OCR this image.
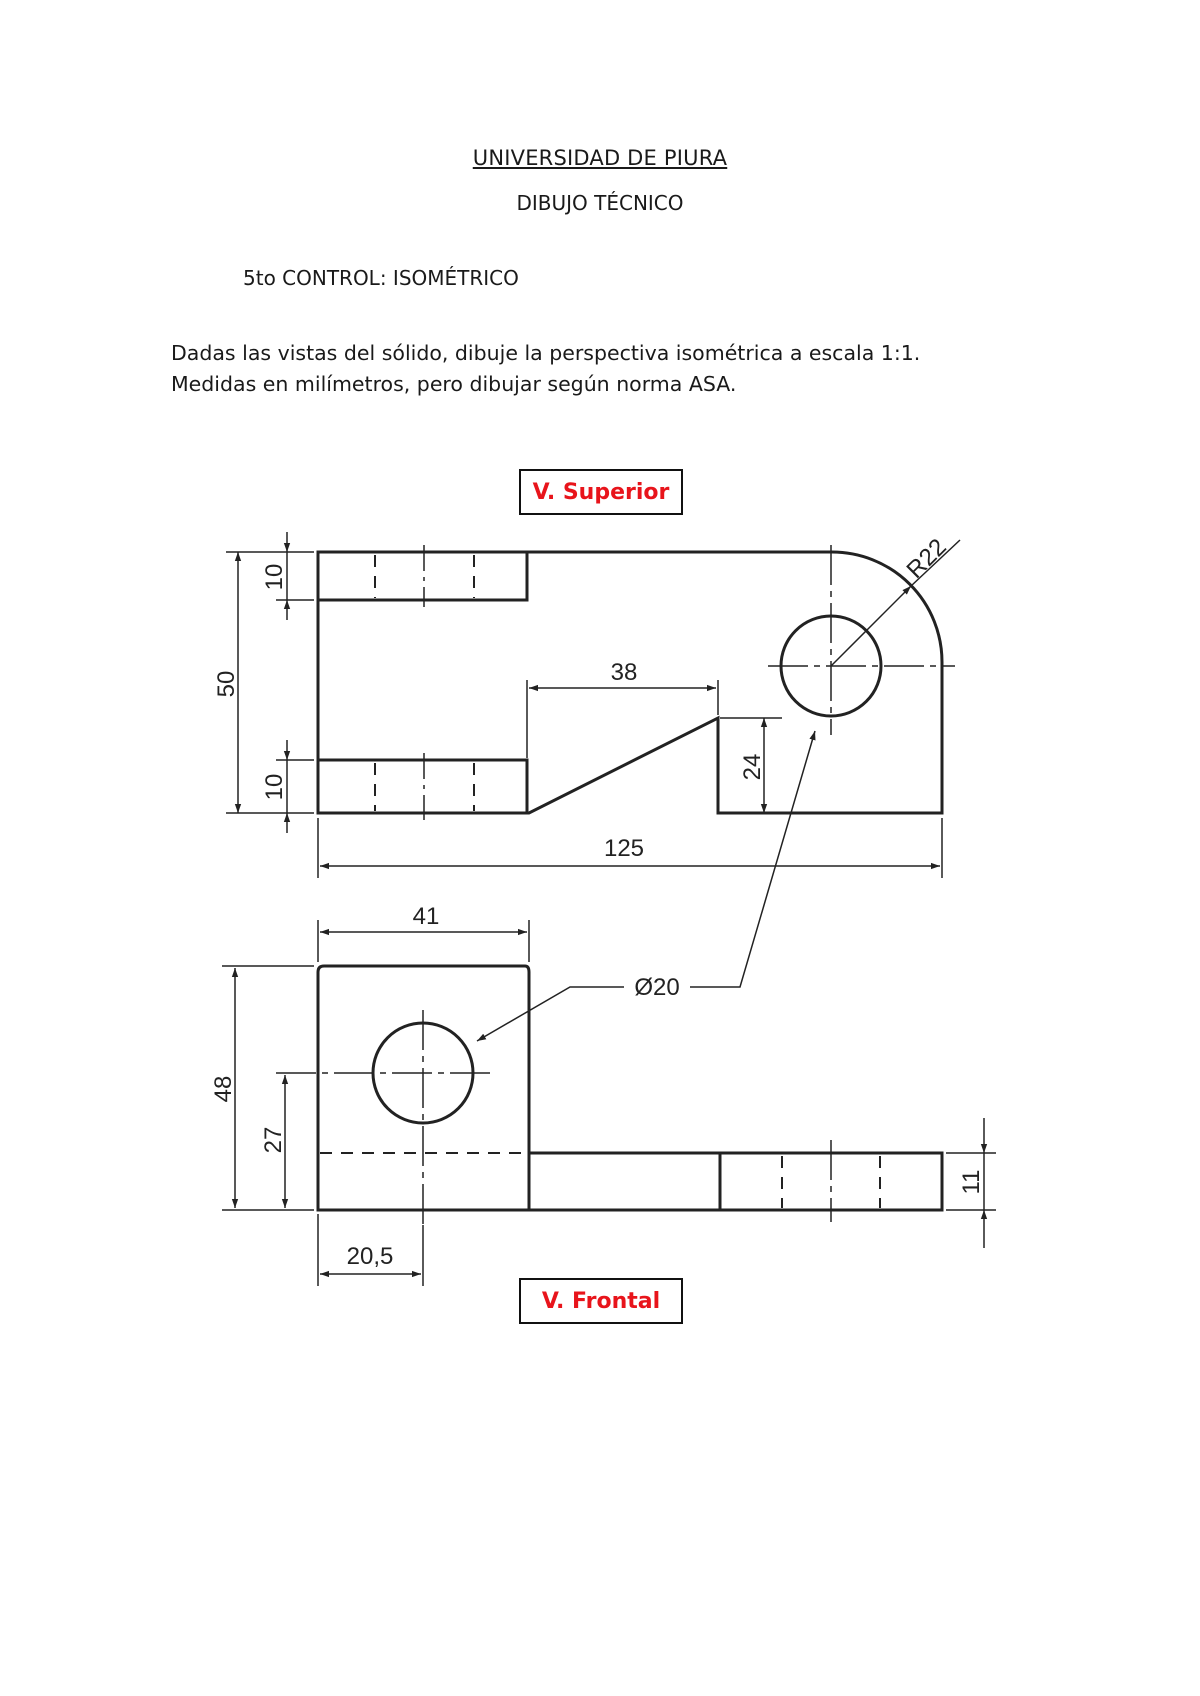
UNIVERSIDAD DE PIURA
DIBUJO TÉCNICO
5to CONTROL: ISOMÉTRICO
Dadas las vistas del sólido, dibuje la perspectiva isométrica a escala 1:1.
Medidas en milímetros, pero dibujar según norma ASA.
10
50
10
38
24
125
R22
41
Ø20
48
27
20,5
11
V. Superior
V. Frontal
